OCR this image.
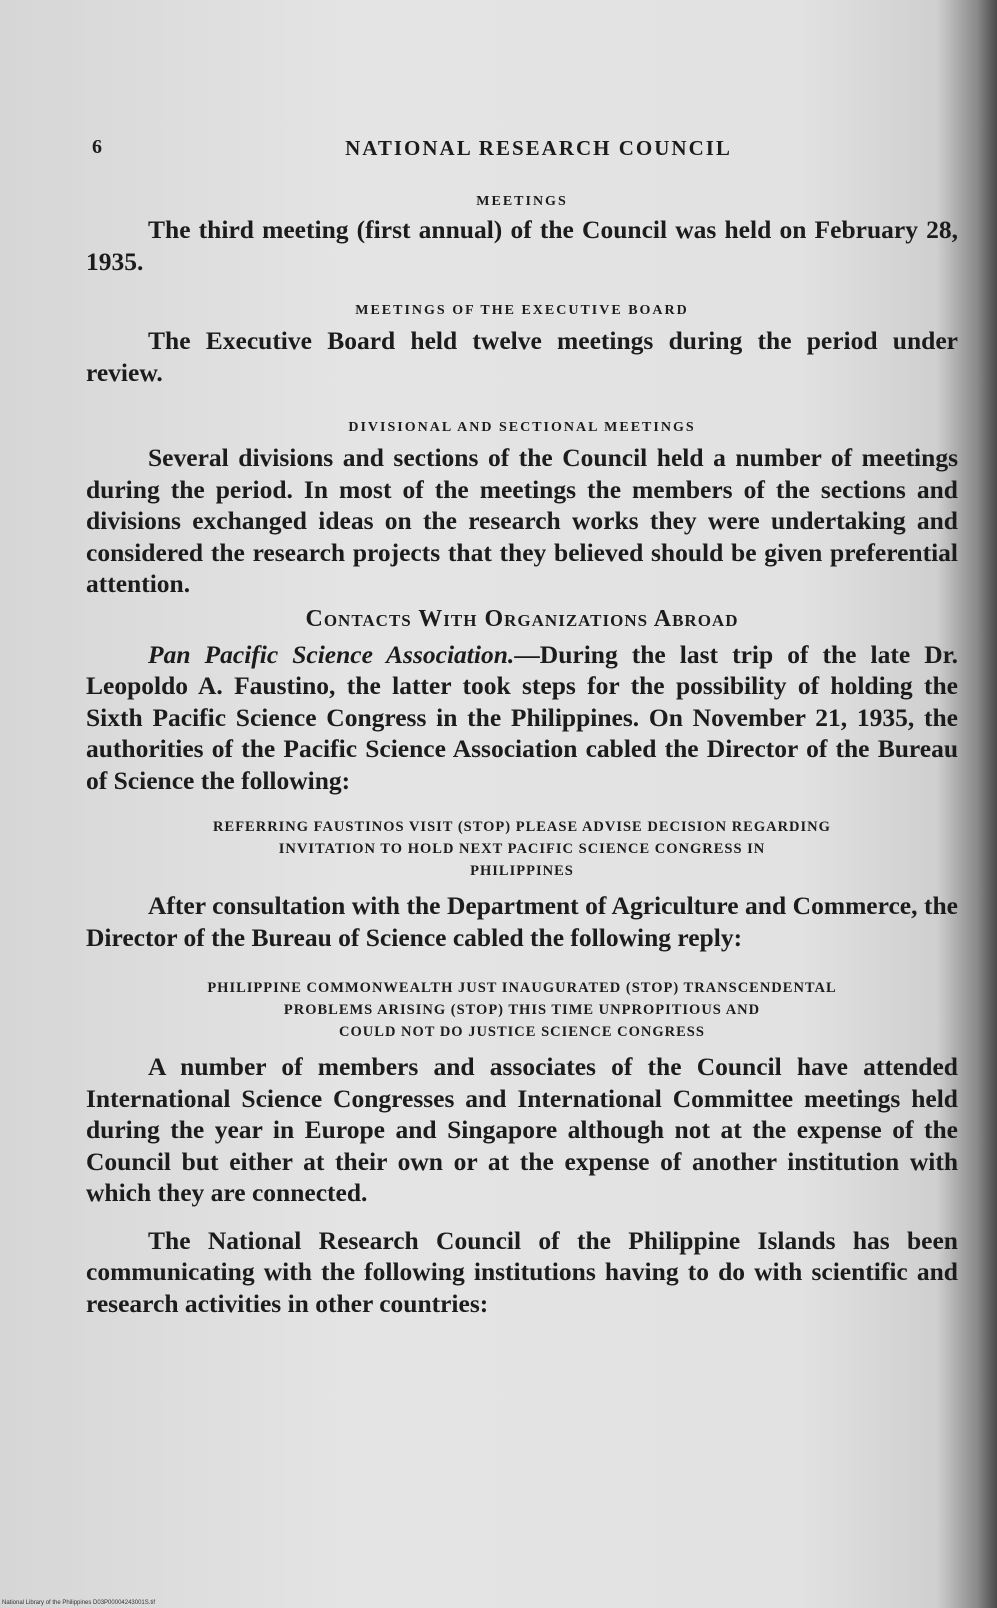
6	NATIONAL RESEARCH COUNCIL
MEETINGS

The third meeting (first annual) of the Council was held on February 28, 1935.

MEETINGS OF THE EXECUTIVE BOARD

The Executive Board held twelve meetings during the period under review.

DIVISIONAL AND SECTIONAL MEETINGS

Several divisions and sections of the Council held a number of meetings during the period. In most of the meetings the members of the sections and divisions exchanged ideas on the research works they were undertaking and considered the research projects that they believed should be given preferential attention.

Contacts With Organizations Abroad

Pan Pacific Science Association.—During the last trip of the late Dr. Leopoldo A. Faustino, the latter took steps for the possibility of holding the Sixth Pacific Science Congress in the Philippines. On November 21, 1935, the authorities of the Pacific Science Association cabled the Director of the Bureau of Science the following:

REFERRING FAUSTINOS VISIT (STOP) PLEASE ADVISE DECISION REGARDING

INVITATION TO HOLD NEXT PACIFIC SCIENCE CONGRESS IN

PHILIPPINES

After consultation with the Department of Agriculture and Commerce, the Director of the Bureau of Science cabled the following reply:

PHILIPPINE COMMONWEALTH JUST INAUGURATED (STOP) TRANSCENDENTAL

PROBLEMS ARISING (STOP) THIS TIME UNPROPITIOUS AND

COULD NOT DO JUSTICE SCIENCE CONGRESS

A number of members and associates of the Council have attended International Science Congresses and International Committee meetings held during the year in Europe and Singapore although not at the expense of the Council but either at their own or at the expense of another institution with which they are connected.

The National Research Council of the Philippine Islands has been communicating with the following institutions having to do with scientific and research activities in other countries:

National Library of the Philippines D03P00004243001S.tif
